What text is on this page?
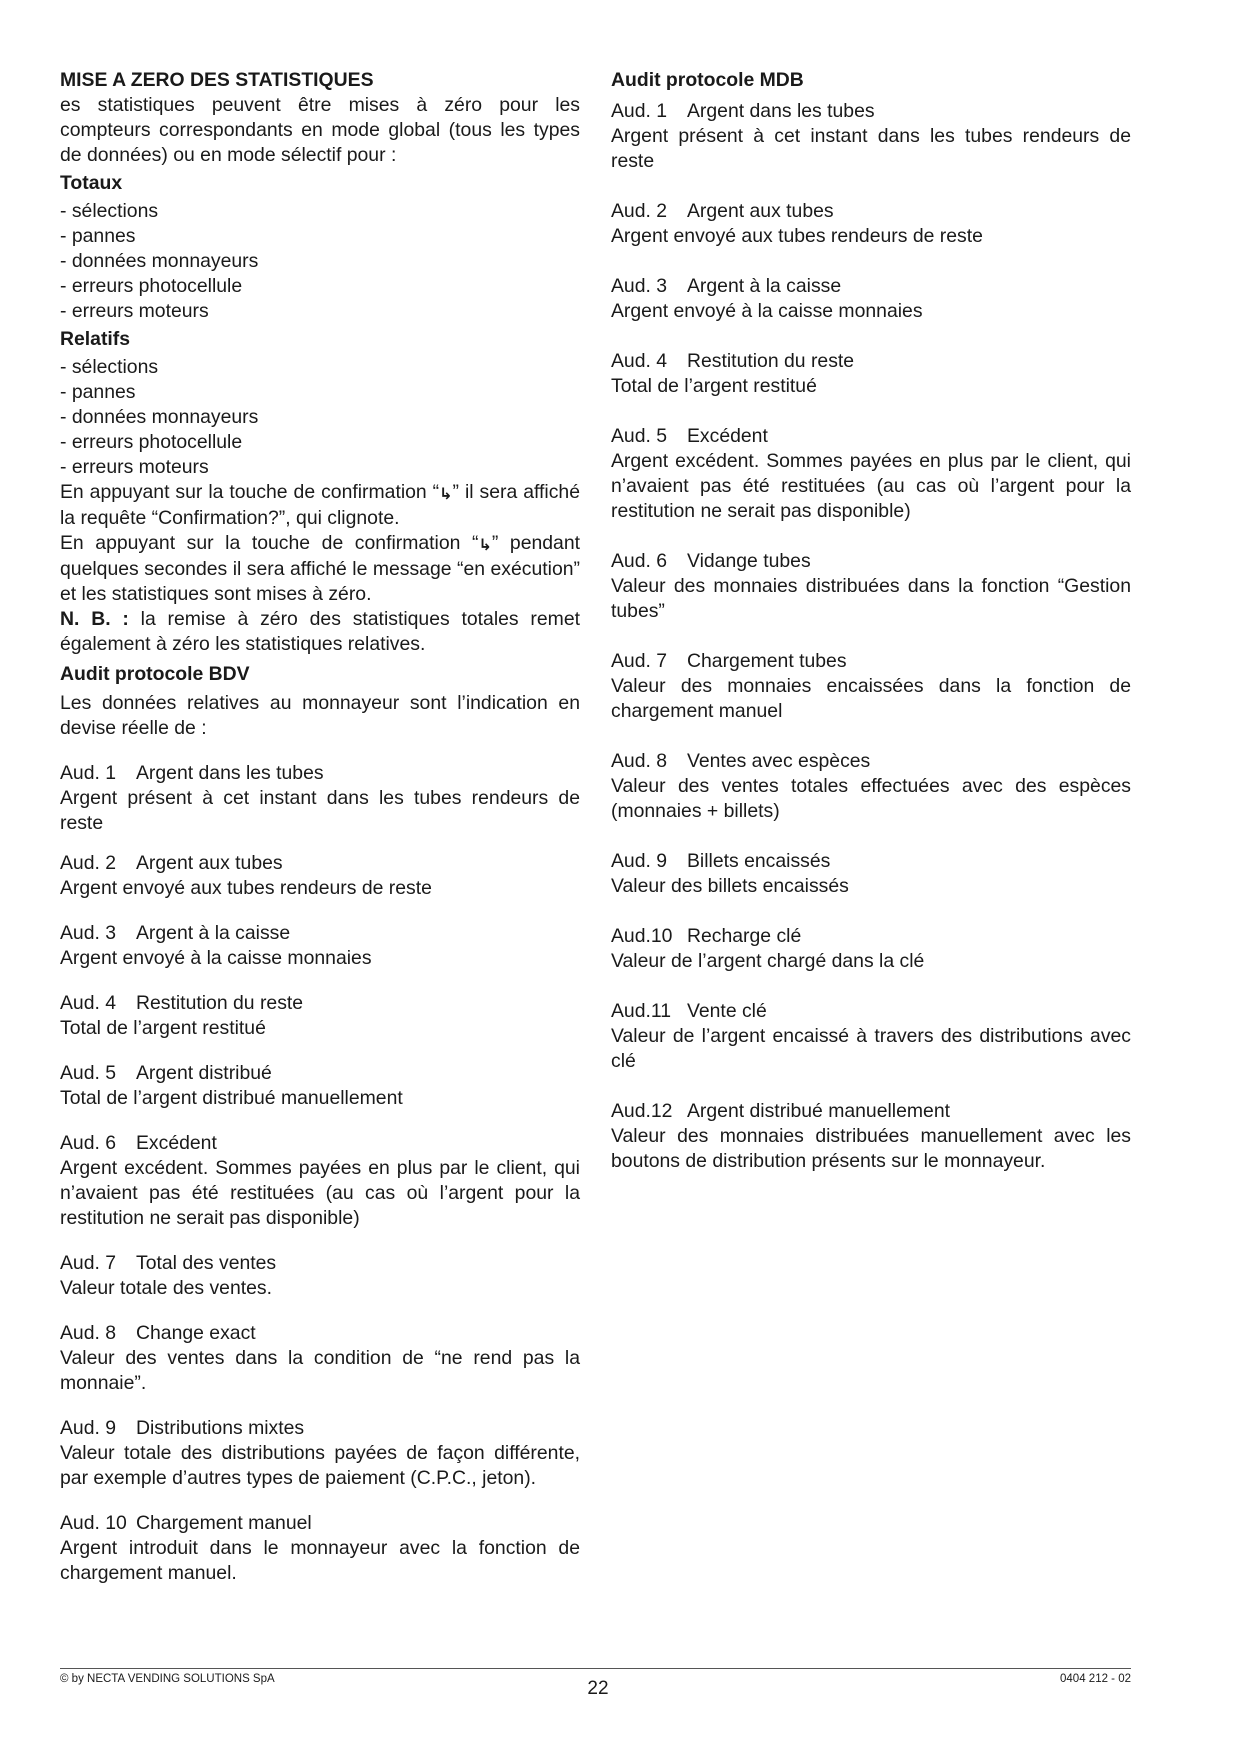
MISE A ZERO DES STATISTIQUES

es statistiques peuvent être mises à zéro pour les compteurs correspondants en mode global (tous les types de données) ou en mode sélectif pour :

Totaux

- sélections

- pannes

- données monnayeurs

- erreurs photocellule

- erreurs moteurs

Relatifs

- sélections

- pannes

- données monnayeurs

- erreurs photocellule

- erreurs moteurs

En appuyant sur la touche de confirmation “↳” il sera affiché la requête “Confirmation?”, qui clignote.

En appuyant sur la touche de confirmation “↳” pendant quelques secondes il sera affiché le message “en exécution” et les statistiques sont mises à zéro.

N. B. : la remise à zéro des statistiques totales remet également à zéro les statistiques relatives.

Audit protocole BDV

Les données relatives au monnayeur sont l’indication en devise réelle de :

Aud. 1 Argent dans les tubes

Argent présent à cet instant dans les tubes rendeurs de reste

Aud. 2 Argent aux tubes

Argent envoyé aux tubes rendeurs de reste

Aud. 3 Argent à la caisse

Argent envoyé à la caisse monnaies

Aud. 4 Restitution du reste

Total de l’argent restitué

Aud. 5 Argent distribué

Total de l’argent distribué manuellement

Aud. 6 Excédent

Argent excédent. Sommes payées en plus par le client, qui n’avaient pas été restituées (au cas où l’argent pour la restitution ne serait pas disponible)

Aud. 7 Total des ventes

Valeur totale des ventes.

Aud. 8 Change exact

Valeur des ventes dans la condition de “ne rend pas la monnaie”.

Aud. 9 Distributions mixtes

Valeur totale des distributions payées de façon différente, par exemple d’autres types de paiement (C.P.C., jeton).

Aud. 10 Chargement manuel

Argent introduit dans le monnayeur avec la fonction de chargement manuel.

Audit protocole MDB

Aud. 1 Argent dans les tubes

Argent présent à cet instant dans les tubes rendeurs de reste

Aud. 2 Argent aux tubes

Argent envoyé aux tubes rendeurs de reste

Aud. 3 Argent à la caisse

Argent envoyé à la caisse monnaies

Aud. 4 Restitution du reste

Total de l’argent restitué

Aud. 5 Excédent

Argent excédent. Sommes payées en plus par le client, qui n’avaient pas été restituées (au cas où l’argent pour la restitution ne serait pas disponible)

Aud. 6 Vidange tubes

Valeur des monnaies distribuées dans la fonction “Gestion tubes”

Aud. 7 Chargement tubes

Valeur des monnaies encaissées dans la fonction de chargement manuel

Aud. 8 Ventes avec espèces

Valeur des ventes totales effectuées avec des espèces (monnaies + billets)

Aud. 9 Billets encaissés

Valeur des billets encaissés

Aud.10 Recharge clé

Valeur de l’argent chargé dans la clé

Aud.11 Vente clé

Valeur de l’argent encaissé à travers des distributions avec clé

Aud.12 Argent distribué manuellement

Valeur des monnaies distribuées manuellement avec les boutons de distribution présents sur le monnayeur.

© by NECTA VENDING SOLUTIONS SpA	22	0404 212 - 02
